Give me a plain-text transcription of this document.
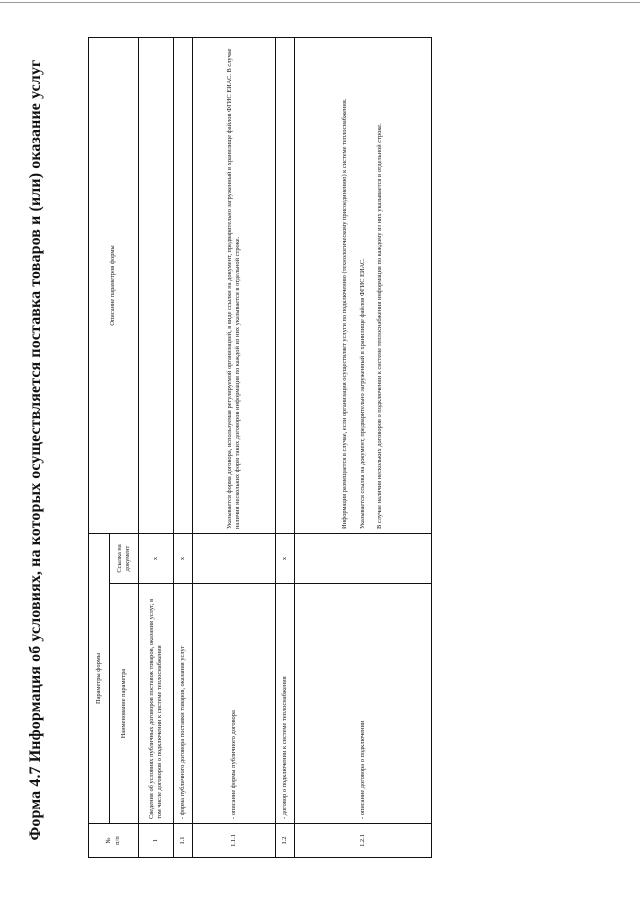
Форма 4.7 Информация об условиях, на которых осуществляется поставка товаров и (или) оказание услуг
№
п/п	Параметры формы		Описание параметров формы
	Наименование параметра	Ссылка на документ	
1	Сведения об условиях публичных договоров поставок товаров, оказания услуг, в том числе договоров о подключении к системе теплоснабжения	x	
1.1	- форма публичного договора поставки товаров, оказания услуг	x	
1.1.1	- описание формы публичного договора		Указывается форма договора, используемая регулируемой организацией, в виде ссылки на документ, предварительно загруженный в хранилище файлов ФГИС ЕИАС. В случае наличия нескольких форм таких договоров информация по каждой из них указывается в отдельной строке.

1.2	- договор о подключении к системе теплоснабжения	x	
1.2.1	- описание договора о подключении		Информация размещается в случае, если организация осуществляет услуги по подключению (технологическому присоединению) к системе теплоснабжения. Указывается ссылка на документ, предварительно загруженный в хранилище файлов ФГИС ЕИАС. В случае наличия нескольких договоров о подключении к системе теплоснабжения информация по каждому из них указывается в отдельной строке.
